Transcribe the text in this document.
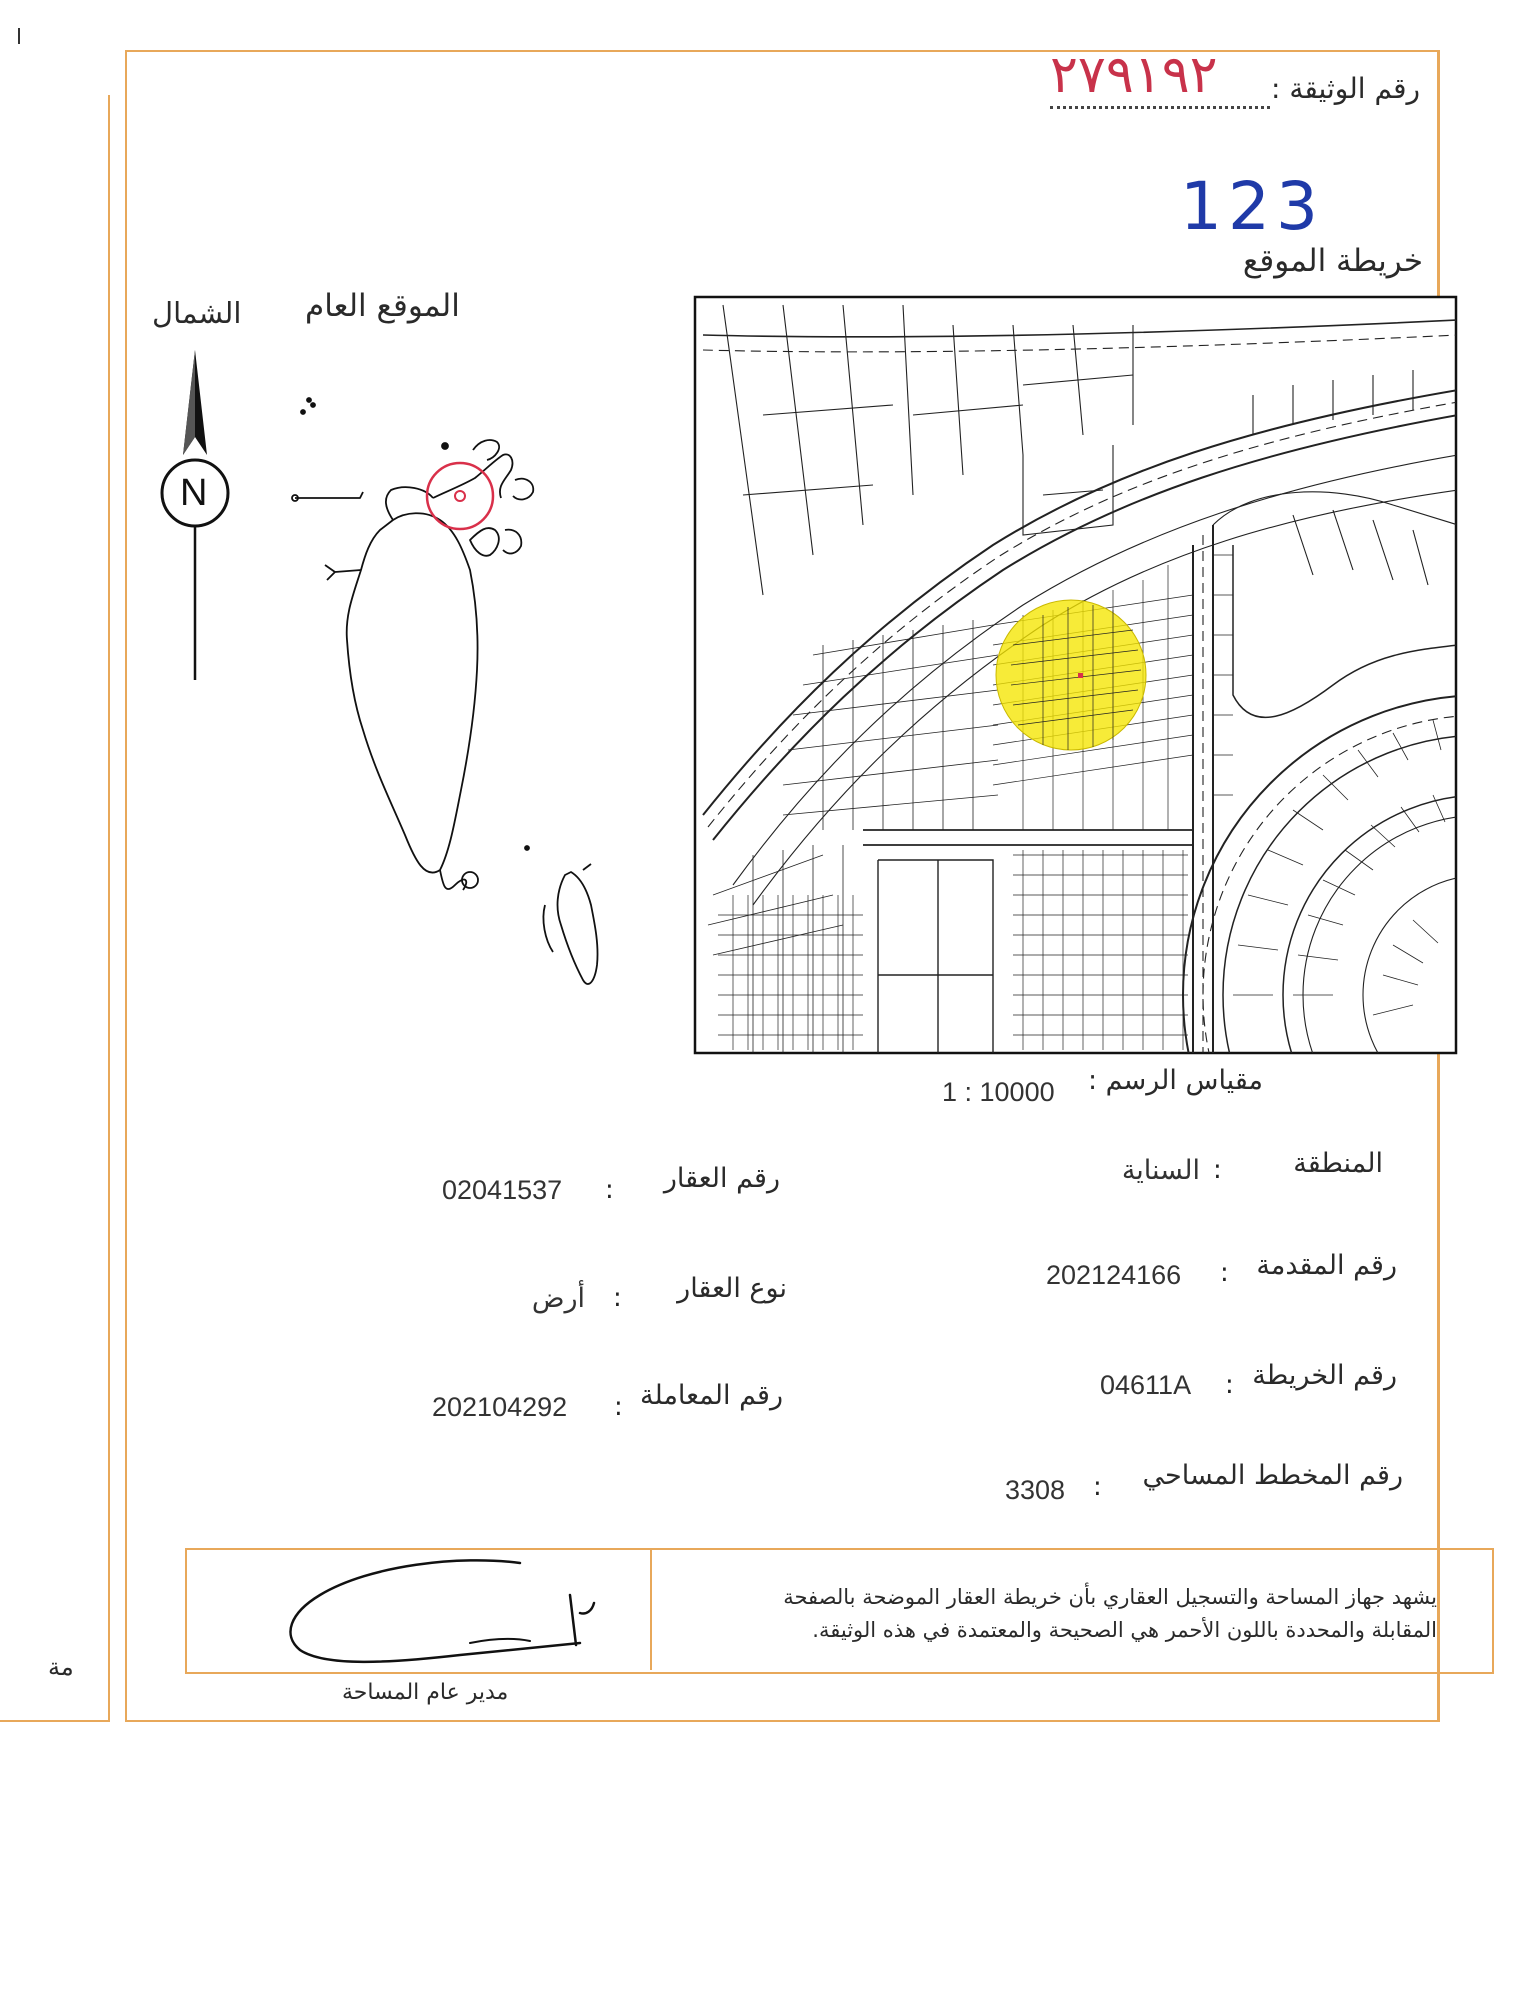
رقم الوثيقة :
٢٧٩١٩٢
123
خريطة الموقع
الموقع العام
الشمال
N
مقياس الرسم :
1 : 10000
المنطقة
:
السناية
رقم المقدمة
:
202124166
رقم الخريطة
:
04611A
رقم المخطط المساحي
:
3308
رقم العقار
:
02041537
نوع العقار
:
أرض
رقم المعاملة
:
202104292
يشهد جهاز المساحة والتسجيل العقاري بأن خريطة العقار الموضحة بالصفحة
المقابلة والمحددة باللون الأحمر هي الصحيحة والمعتمدة في هذه الوثيقة.
مدير عام المساحة
مة
